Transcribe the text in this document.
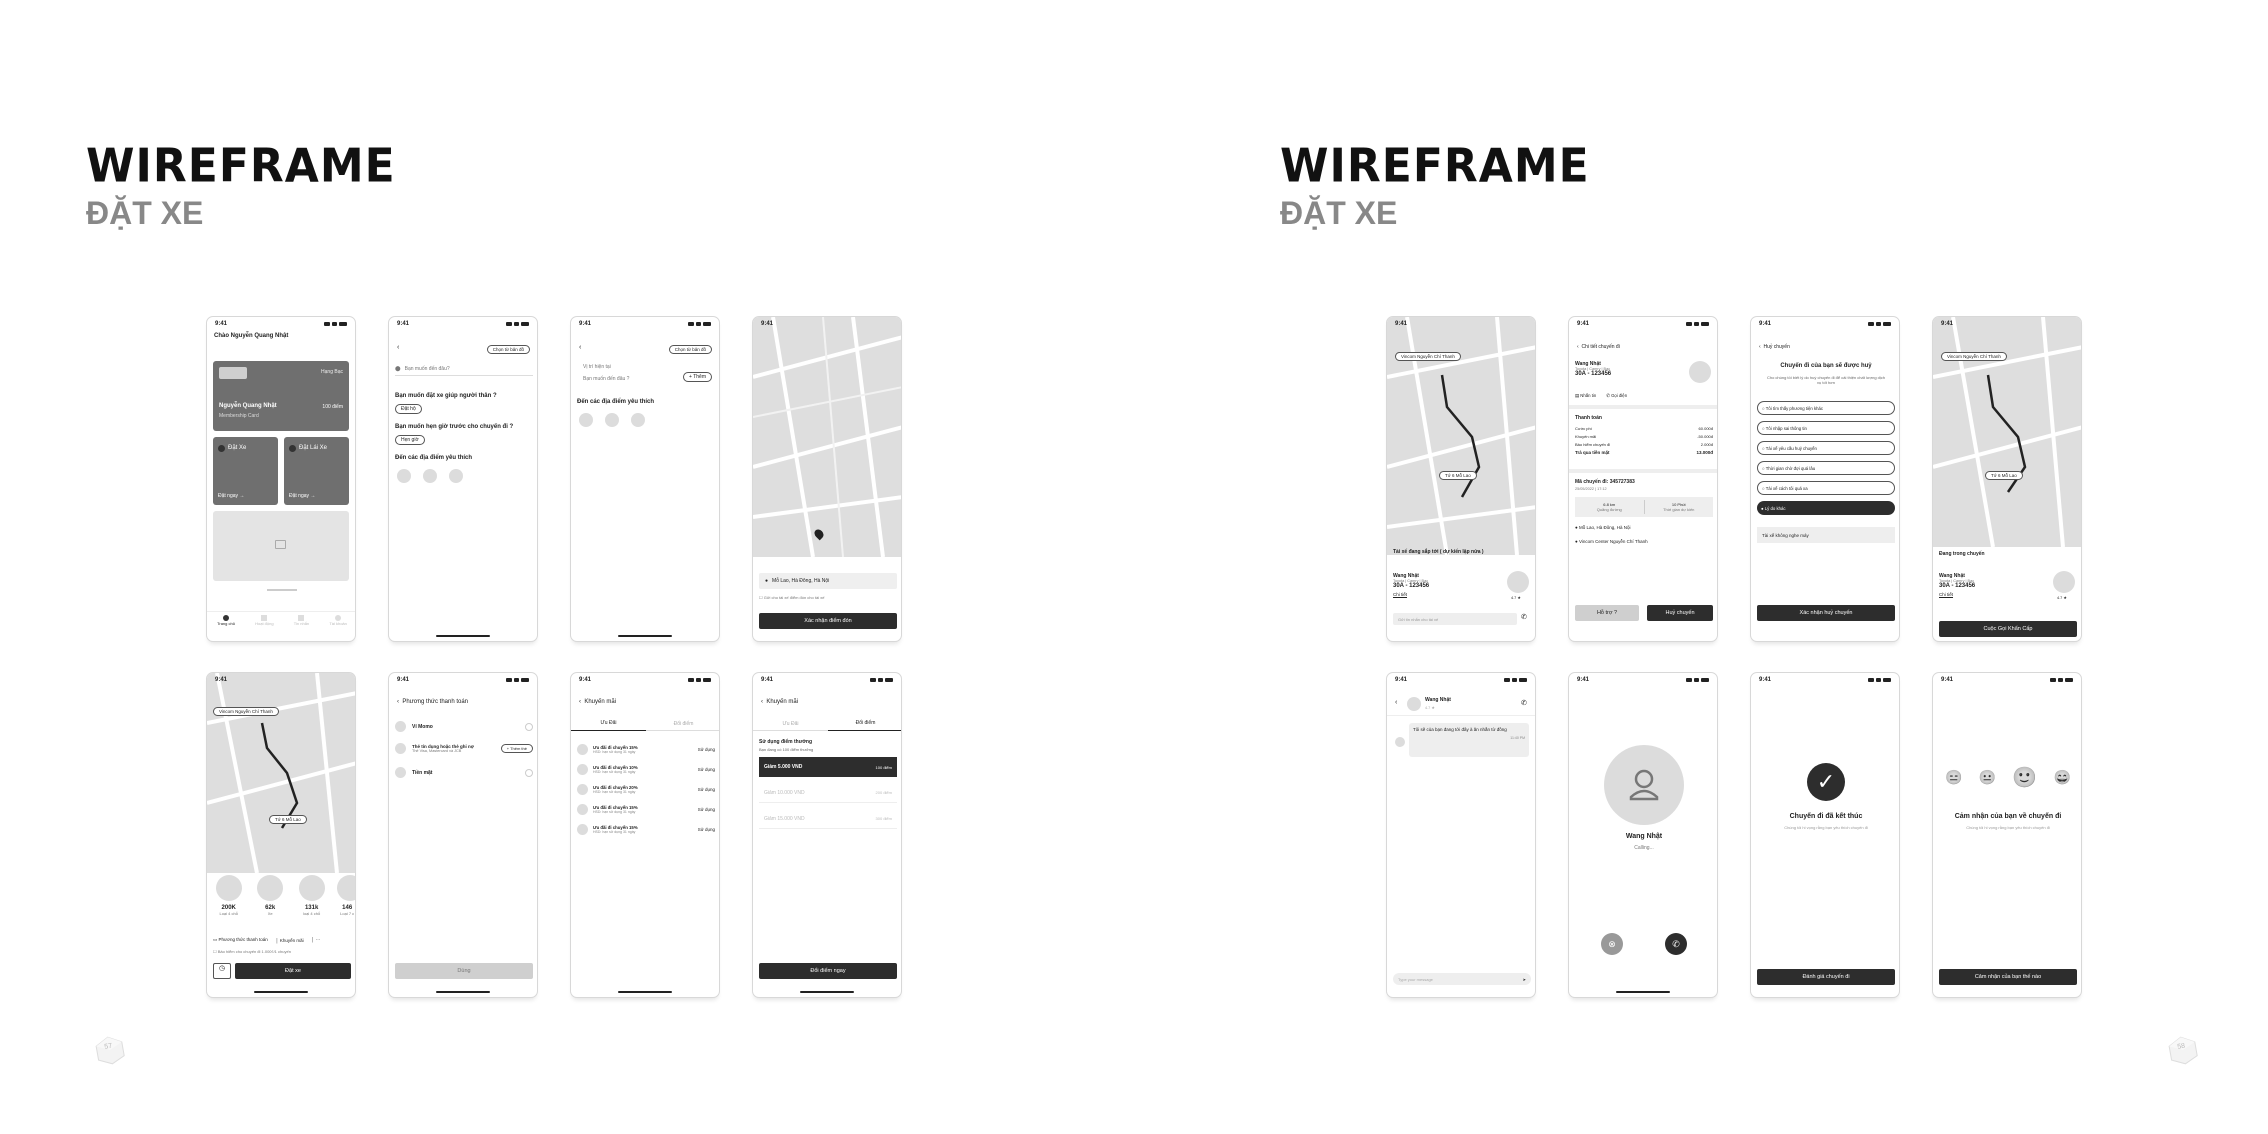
WIREFRAME
ĐẶT XE
WIREFRAME
ĐẶT XE
57	58
9:41
Chào Nguyễn Quang Nhật
Hạng Bạc
Nguyễn Quang Nhật	100 điểm
Membership Card
Đặt Xe
Đặt ngay →
Đặt Lái Xe
Đặt ngay →
Trang chủ	Hoạt động	Tin nhắn	Tài khoản
9:41
‹	Chọn từ bản đồ
⬤ Bạn muốn đến đâu?
Bạn muốn đặt xe giúp người thân ?
Đặt hộ
Bạn muốn hẹn giờ trước cho chuyến đi ?
Hẹn giờ
Đến các địa điểm yêu thích
9:41
‹	Chọn từ bản đồ
Vị trí hiện tại
Bạn muốn đến đâu ?	+ Thêm
Đến các địa điểm yêu thích
9:41
● Mỗ Lao, Hà Đông, Hà Nội
☐ Gửi cho tài xế điểm đón cho tài xế
Xác nhận điểm đón
9:41
Vincom Nguyễn Chí Thanh
Tớ 6 Mỗ Lao
200K
Loại 4 chỗ
62k
Xe
131k
loại 4 chỗ
146
Loại 7 c
▭ Phương thức thanh toán │ Khuyến mãi │ ⋯
☐ Bảo hiểm cho chuyến đi 1.000₫/1 chuyến
◷	Đặt xe
9:41
‹ Phương thức thanh toán
Ví Momo
Thẻ tín dụng hoặc thẻ ghi nợ
Thẻ Visa, Mastercard và JCB	+ Thêm thẻ
Tiền mặt
Dùng
9:41
‹ Khuyến mãi
Ưu Đãi	Đổi điểm
Ưu đãi đi chuyến 15%
HSD: hạn sử dụng 31 ngày	Sử dụng
Ưu đãi đi chuyến 10%
HSD: hạn sử dụng 31 ngày	Sử dụng
Ưu đãi đi chuyến 20%
HSD: hạn sử dụng 31 ngày	Sử dụng
Ưu đãi đi chuyến 15%
HSD: hạn sử dụng 31 ngày	Sử dụng
Ưu đãi đi chuyến 15%
HSD: hạn sử dụng 31 ngày	Sử dụng
9:41
‹ Khuyến mãi
Ưu Đãi	Đổi điểm
Sử dụng điểm thưởng
Bạn đang có 100 điểm thưởng
Giảm 5.000 VND	100 điểm
Giảm 10.000 VND	200 điểm
Giảm 15.000 VND	300 điểm
Đổi điểm ngay
9:41
Vincom Nguyễn Chí Thanh
Tớ 6 Mỗ Lao
Tài xế đang sắp tới ( dự kiến lập nửa )
Wang Nhật
Toyota | Camry | Bạc
30A - 123456
Chi tiết
4.7 ★
Gửi tin nhắn cho tài xế	✆
9:41
‹ Chi tiết chuyến đi
Wang Nhật
Toyota | Camry | Bạc
30A - 123456
▤ Nhắn tin ✆ Gọi điện
Thanh toán
Cước phí	60.000đ
Khuyến mãi	-50.000đ
Bảo hiểm chuyến đi	2.000đ
Trả qua tiền mặt	13.000đ
Mã chuyến đi: 345727383
25/05/2022 | 17:12
6.8 km
Quãng đường
10 Phút
Thời gian dự kiến
● Mỗ Lao, Hà Đông, Hà Nội
● Vincom Center Nguyễn Chí Thanh
Hỗ trợ ?	Huỷ chuyến
9:41
‹ Huỷ chuyến
Chuyến đi của bạn sẽ được huỷ
Cho chúng tôi biết lý do huỷ chuyến đi để cải thiện chất lượng dịch vụ tốt hơn
○ Tôi tìm thấy phương tiện khác
○ Tôi nhập sai thông tin
○ Tài xế yêu cầu huỷ chuyến
○ Thời gian chờ đợi quá lâu
○ Tài xế cách tôi quá xa
● Lý do khác
Tài xế không nghe máy
Xác nhận huỷ chuyến
9:41
Vincom Nguyễn Chí Thanh
Tớ 6 Mỗ Lao
Đang trong chuyến
Wang Nhật
Toyota | Camry | Bạc
30A - 123456
Chi tiết
4.7 ★
Cuộc Gọi Khẩn Cấp
9:41
‹	Wang Nhật
4.7 ★
✆
Tôi sẽ của bạn đang tới đây à ăn nhắn từ đồng
11:40 PM
Type your message	➤
9:41
Wang Nhật
Calling...
⊗	✆
9:41
✓
Chuyến đi đã kết thúc
Chúng tôi hi vọng rằng bạn yêu thích chuyến đi
Đánh giá chuyến đi
9:41
😑 😐 🙂 😄
Cảm nhận của bạn về chuyến đi
Chúng tôi hi vọng rằng bạn yêu thích chuyến đi
Cảm nhận của bạn thế nào
